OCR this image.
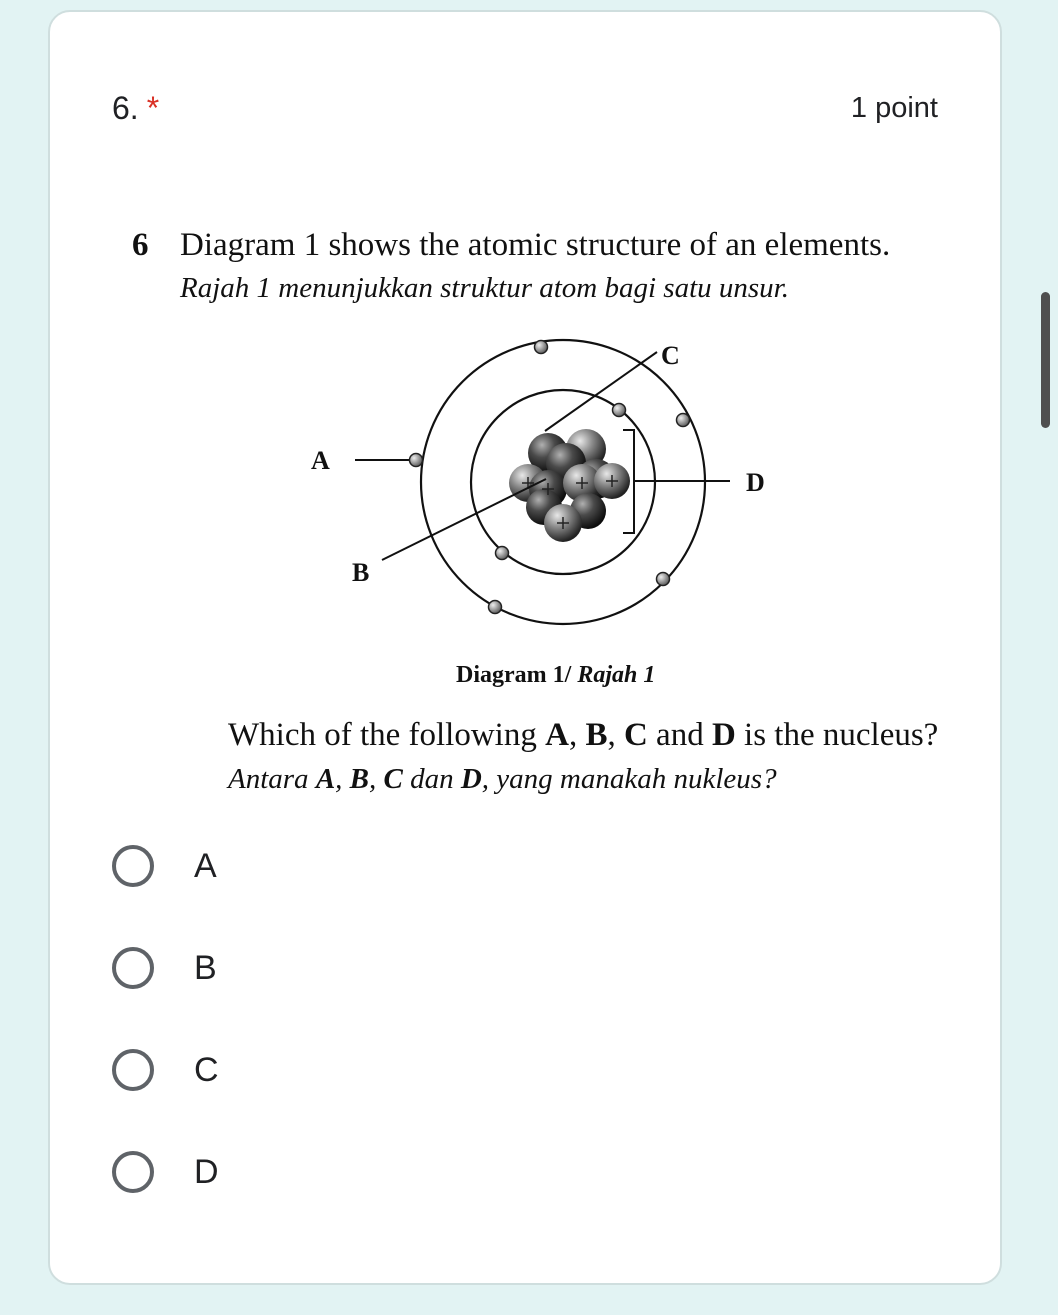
6. *	1 point
6 Diagram 1 shows the atomic structure of an elements.
Rajah 1 menunjukkan struktur atom bagi satu unsur.
A
B
C
D
Diagram 1/ Rajah 1
Which of the following A, B, C and D is the nucleus?
Antara A, B, C dan D, yang manakah nukleus?
A
B
C
D
